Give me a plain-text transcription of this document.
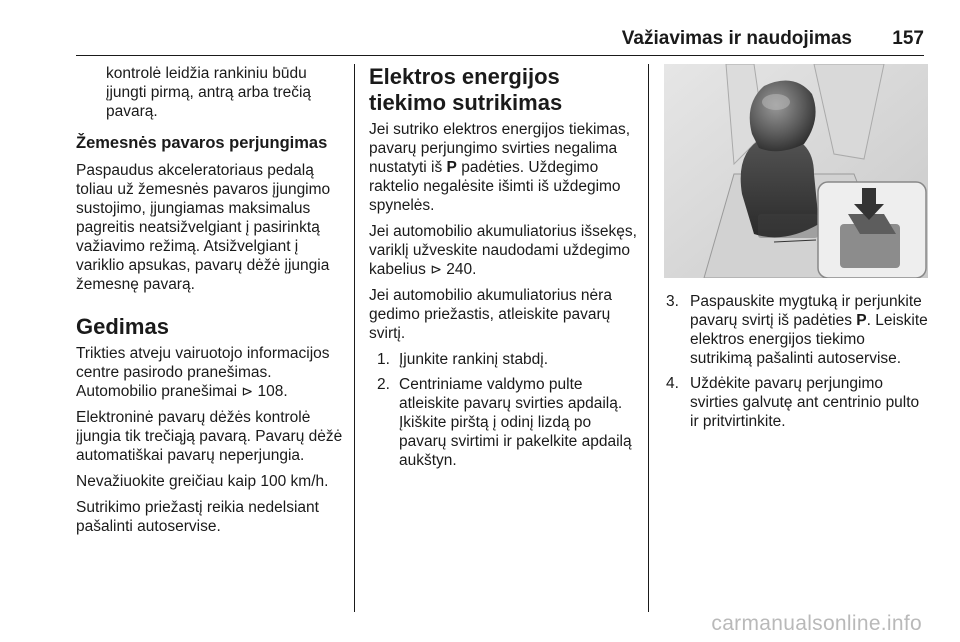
Važiavimas ir naudojimas 157

kontrolė leidžia rankiniu būdu įjungti pirmą, antrą arba trečią pavarą.

Žemesnės pavaros perjungimas

Paspaudus akceleratoriaus pedalą toliau už žemesnės pavaros įjungimo sustojimo, įjungiamas maksimalus pagreitis neatsižvelgiant į pasirinktą važiavimo režimą. Atsižvelgiant į variklio apsukas, pavarų dėžė įjungia žemesnę pavarą.

Gedimas

Trikties atveju vairuotojo informacijos centre pasirodo pranešimas. Automobilio pranešimai ⊳ 108.

Elektroninė pavarų dėžės kontrolė įjungia tik trečiąją pavarą. Pavarų dėžė automatiškai pavarų neperjungia.

Nevažiuokite greičiau kaip 100 km/h.

Sutrikimo priežastį reikia nedelsiant pašalinti autoservise.

Elektros energijos tiekimo sutrikimas

Jei sutriko elektros energijos tiekimas, pavarų perjungimo svirties negalima nustatyti iš P padėties. Uždegimo raktelio negalėsite išimti iš uždegimo spynelės.

Jei automobilio akumuliatorius išsekęs, variklį užveskite naudodami uždegimo kabelius ⊳ 240.

Jei automobilio akumuliatorius nėra gedimo priežastis, atleiskite pavarų svirtį.

1. Įjunkite rankinį stabdį.
2. Centriniame valdymo pulte atleiskite pavarų svirties apdailą. Įkiškite pirštą į odinį lizdą po pavarų svirtimi ir pakelkite apdailą aukštyn.
3. Paspauskite mygtuką ir perjunkite pavarų svirtį iš padėties P. Leiskite elektros energijos tiekimo sutrikimą pašalinti autoservise.
4. Uždėkite pavarų perjungimo svirties galvutę ant centrinio pulto ir pritvirtinkite.
carmanualsonline.info
